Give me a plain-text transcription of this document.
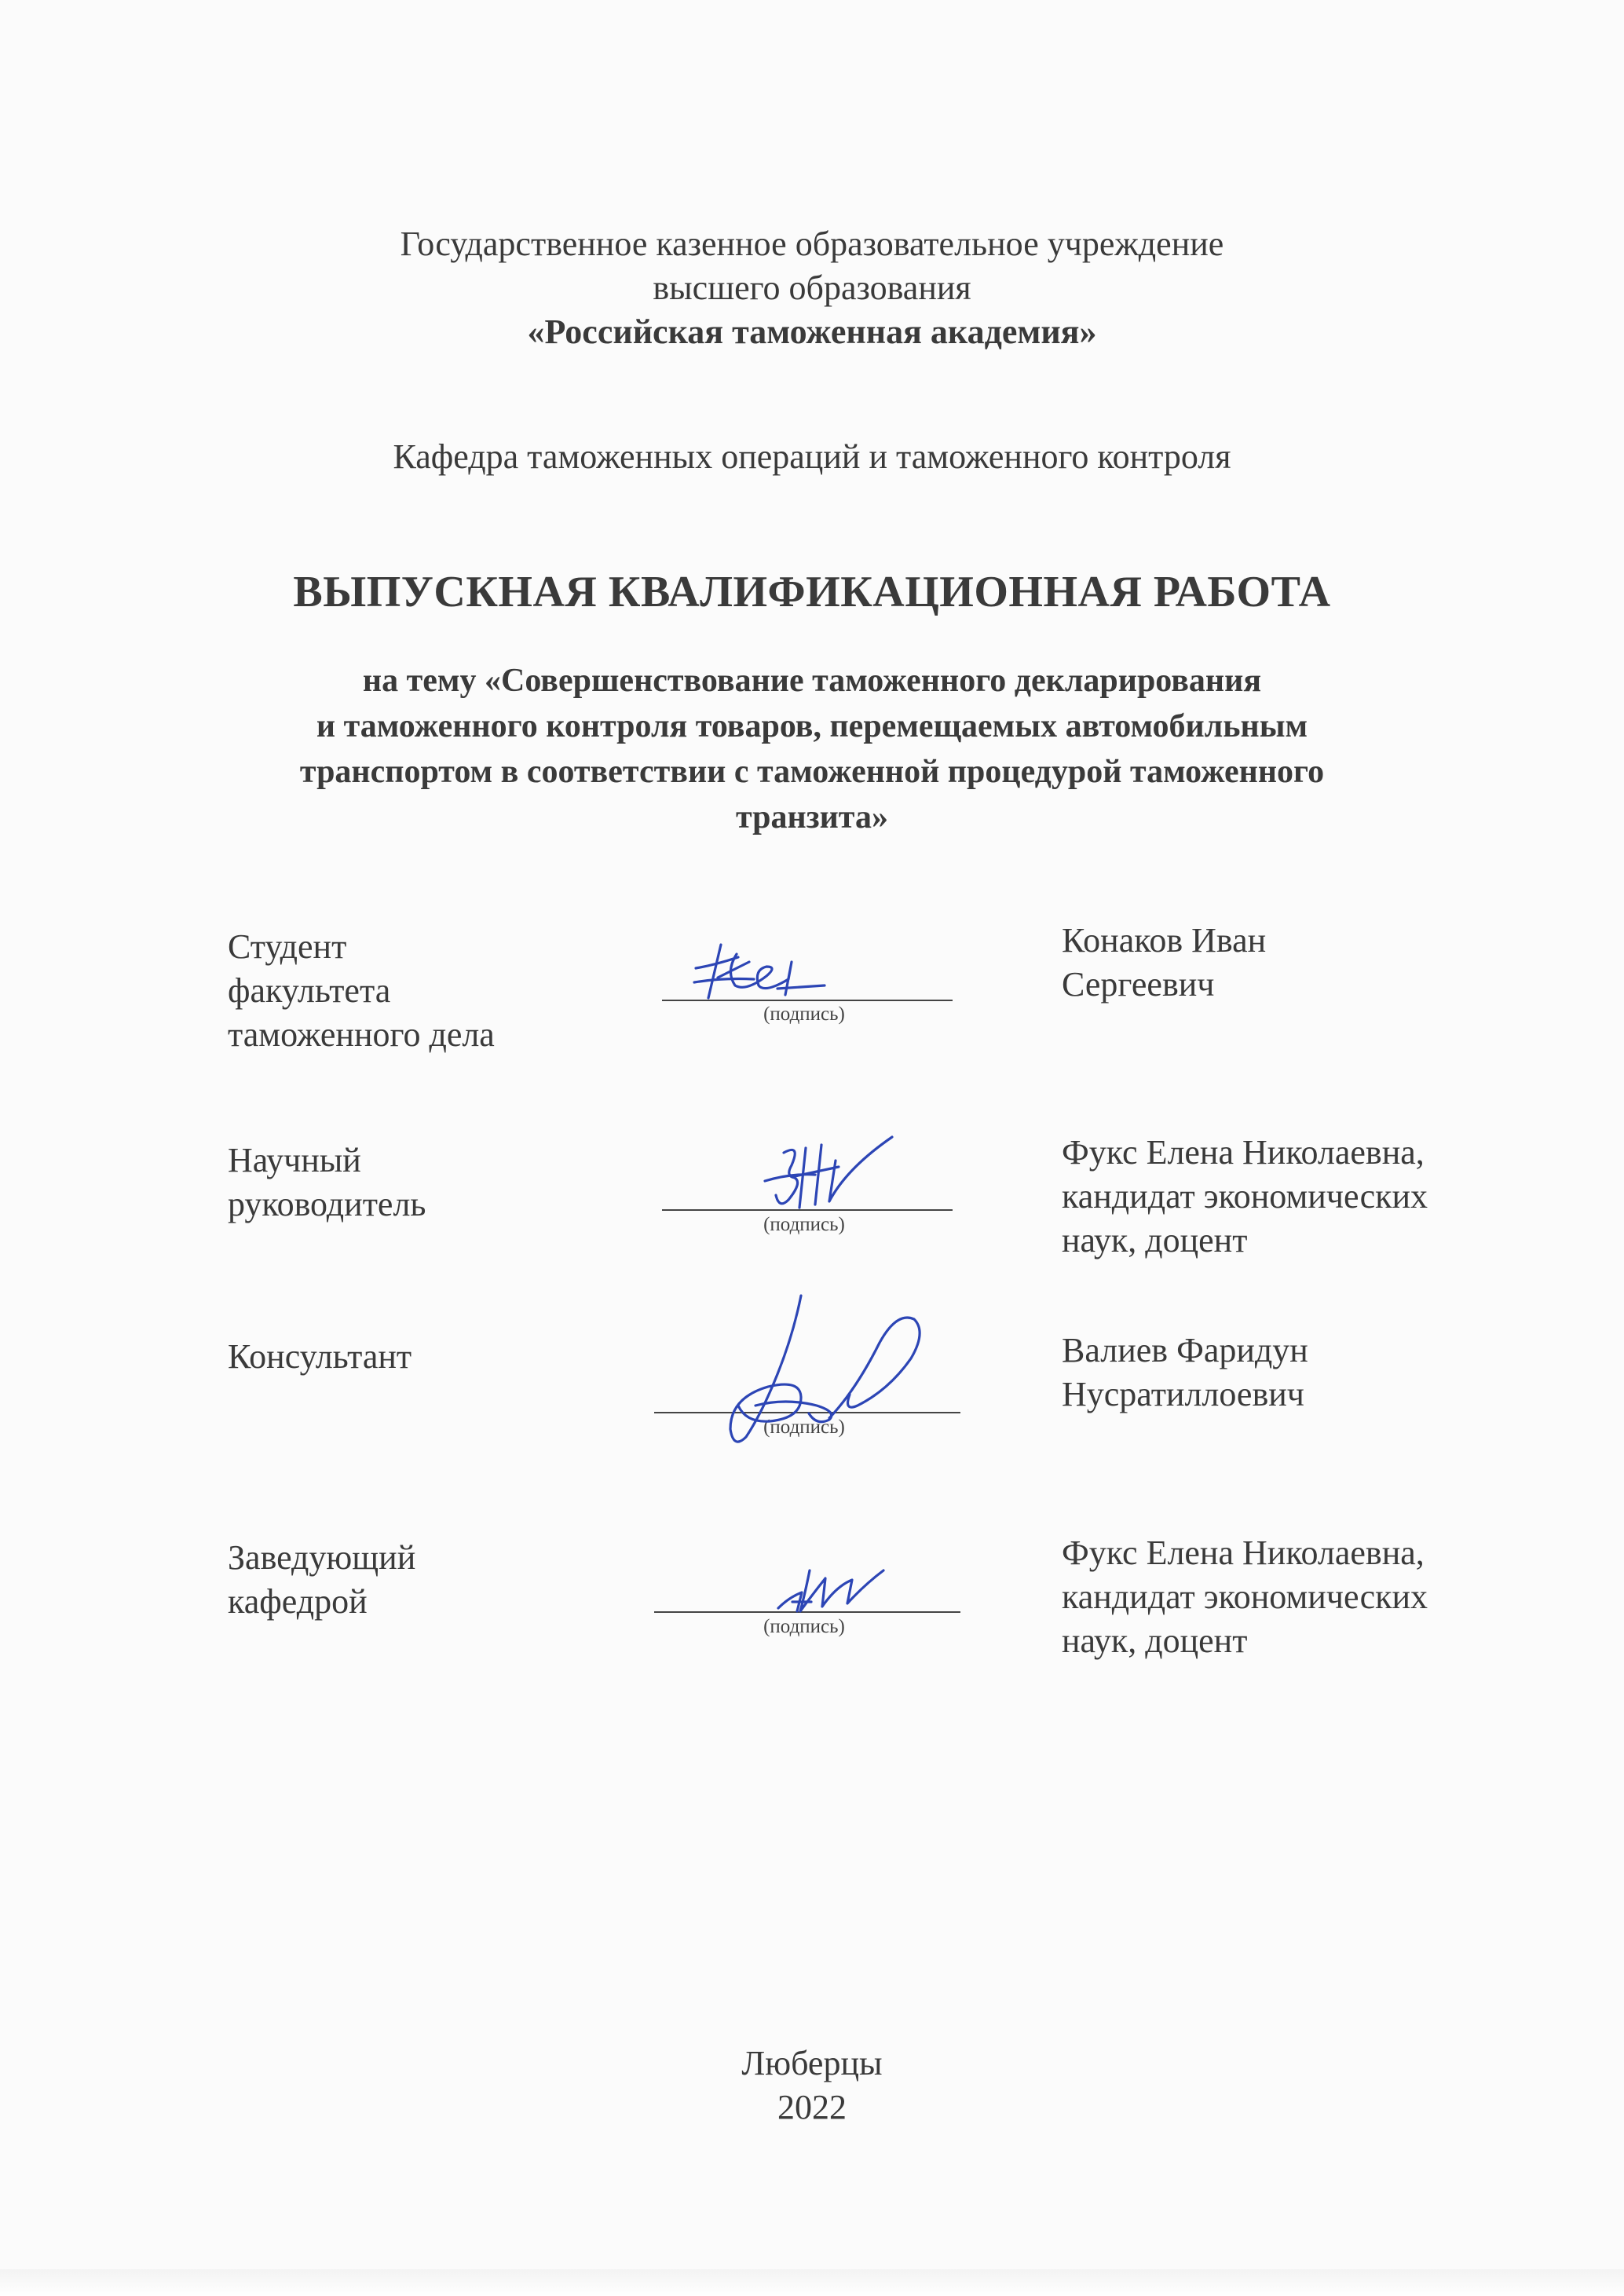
Государственное казенное образовательное учреждение
высшего образования
«Российская таможенная академия»
Кафедра таможенных операций и таможенного контроля
ВЫПУСКНАЯ КВАЛИФИКАЦИОННАЯ РАБОТА
на тему «Совершенствование таможенного декларирования
и таможенного контроля товаров, перемещаемых автомобильным
транспортом в соответствии с таможенной процедурой таможенного
транзита»
Студент
факультета
таможенного дела
(подпись)
Конаков Иван
Сергеевич
Научный
руководитель
(подпись)
Фукс Елена Николаевна,
кандидат экономических
наук, доцент
Консультант
(подпись)
Валиев Фаридун
Нусратиллоевич
Заведующий
кафедрой
(подпись)
Фукс Елена Николаевна,
кандидат экономических
наук, доцент
Люберцы
2022
